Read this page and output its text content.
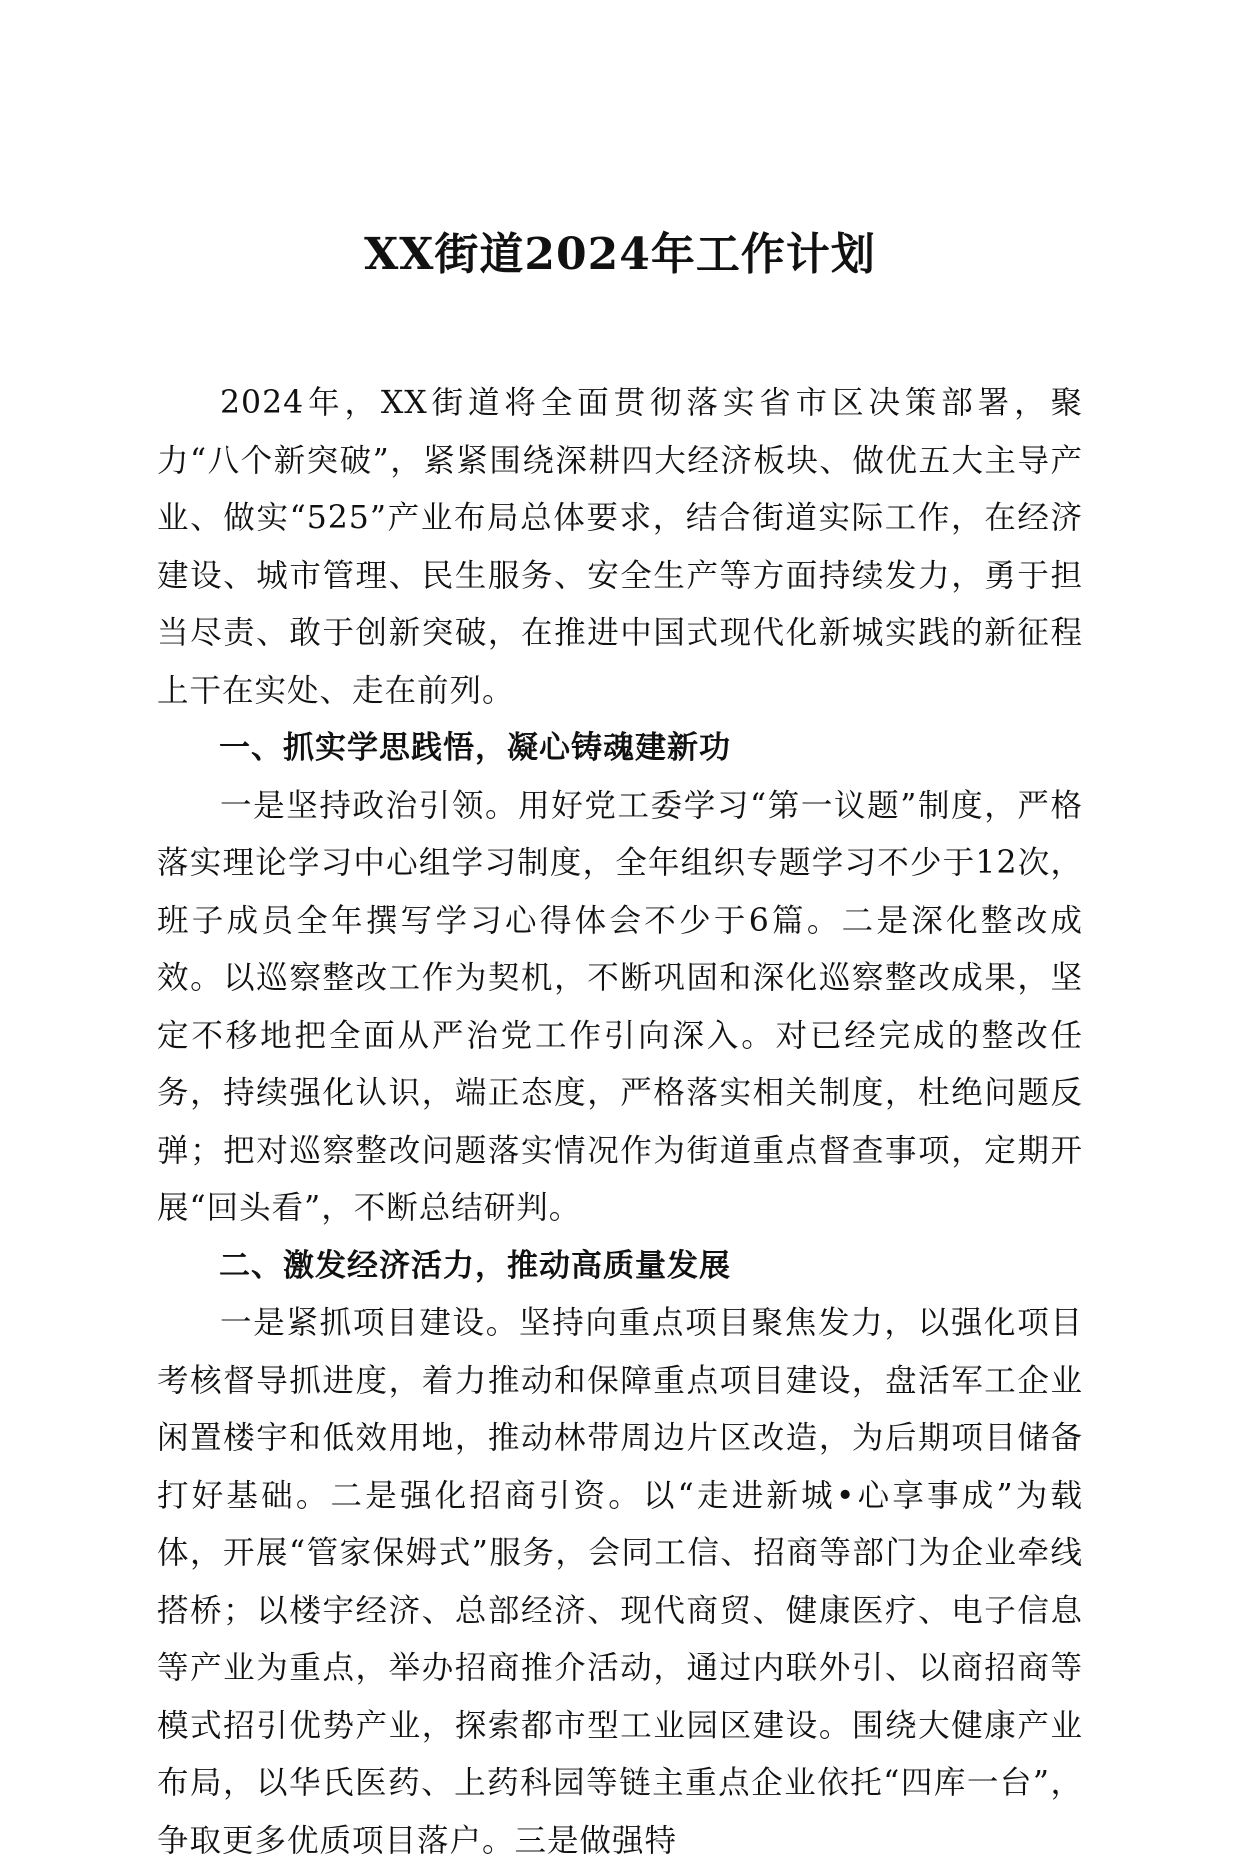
XX街道2024年工作计划

2024年，XX街道将全面贯彻落实省市区决策部署，聚力“八个新突破”，紧紧围绕深耕四大经济板块、做优五大主导产业、做实“525”产业布局总体要求，结合街道实际工作，在经济建设、城市管理、民生服务、安全生产等方面持续发力，勇于担当尽责、敢于创新突破，在推进中国式现代化新城实践的新征程上干在实处、走在前列。

一、抓实学思践悟，凝心铸魂建新功

一是坚持政治引领。用好党工委学习“第一议题”制度，严格落实理论学习中心组学习制度，全年组织专题学习不少于12次，班子成员全年撰写学习心得体会不少于6篇。二是深化整改成效。以巡察整改工作为契机，不断巩固和深化巡察整改成果，坚定不移地把全面从严治党工作引向深入。对已经完成的整改任务，持续强化认识，端正态度，严格落实相关制度，杜绝问题反弹；把对巡察整改问题落实情况作为街道重点督查事项，定期开展“回头看”，不断总结研判。

二、激发经济活力，推动高质量发展

一是紧抓项目建设。坚持向重点项目聚焦发力，以强化项目考核督导抓进度，着力推动和保障重点项目建设，盘活军工企业闲置楼宇和低效用地，推动林带周边片区改造，为后期项目储备打好基础。二是强化招商引资。以“走进新城•心享事成”为载体，开展“管家保姆式”服务，会同工信、招商等部门为企业牵线搭桥；以楼宇经济、总部经济、现代商贸、健康医疗、电子信息等产业为重点，举办招商推介活动，通过内联外引、以商招商等模式招引优势产业，探索都市型工业园区建设。围绕大健康产业布局，以华氏医药、上药科园等链主重点企业依托“四库一台”，争取更多优质项目落户。三是做强特
